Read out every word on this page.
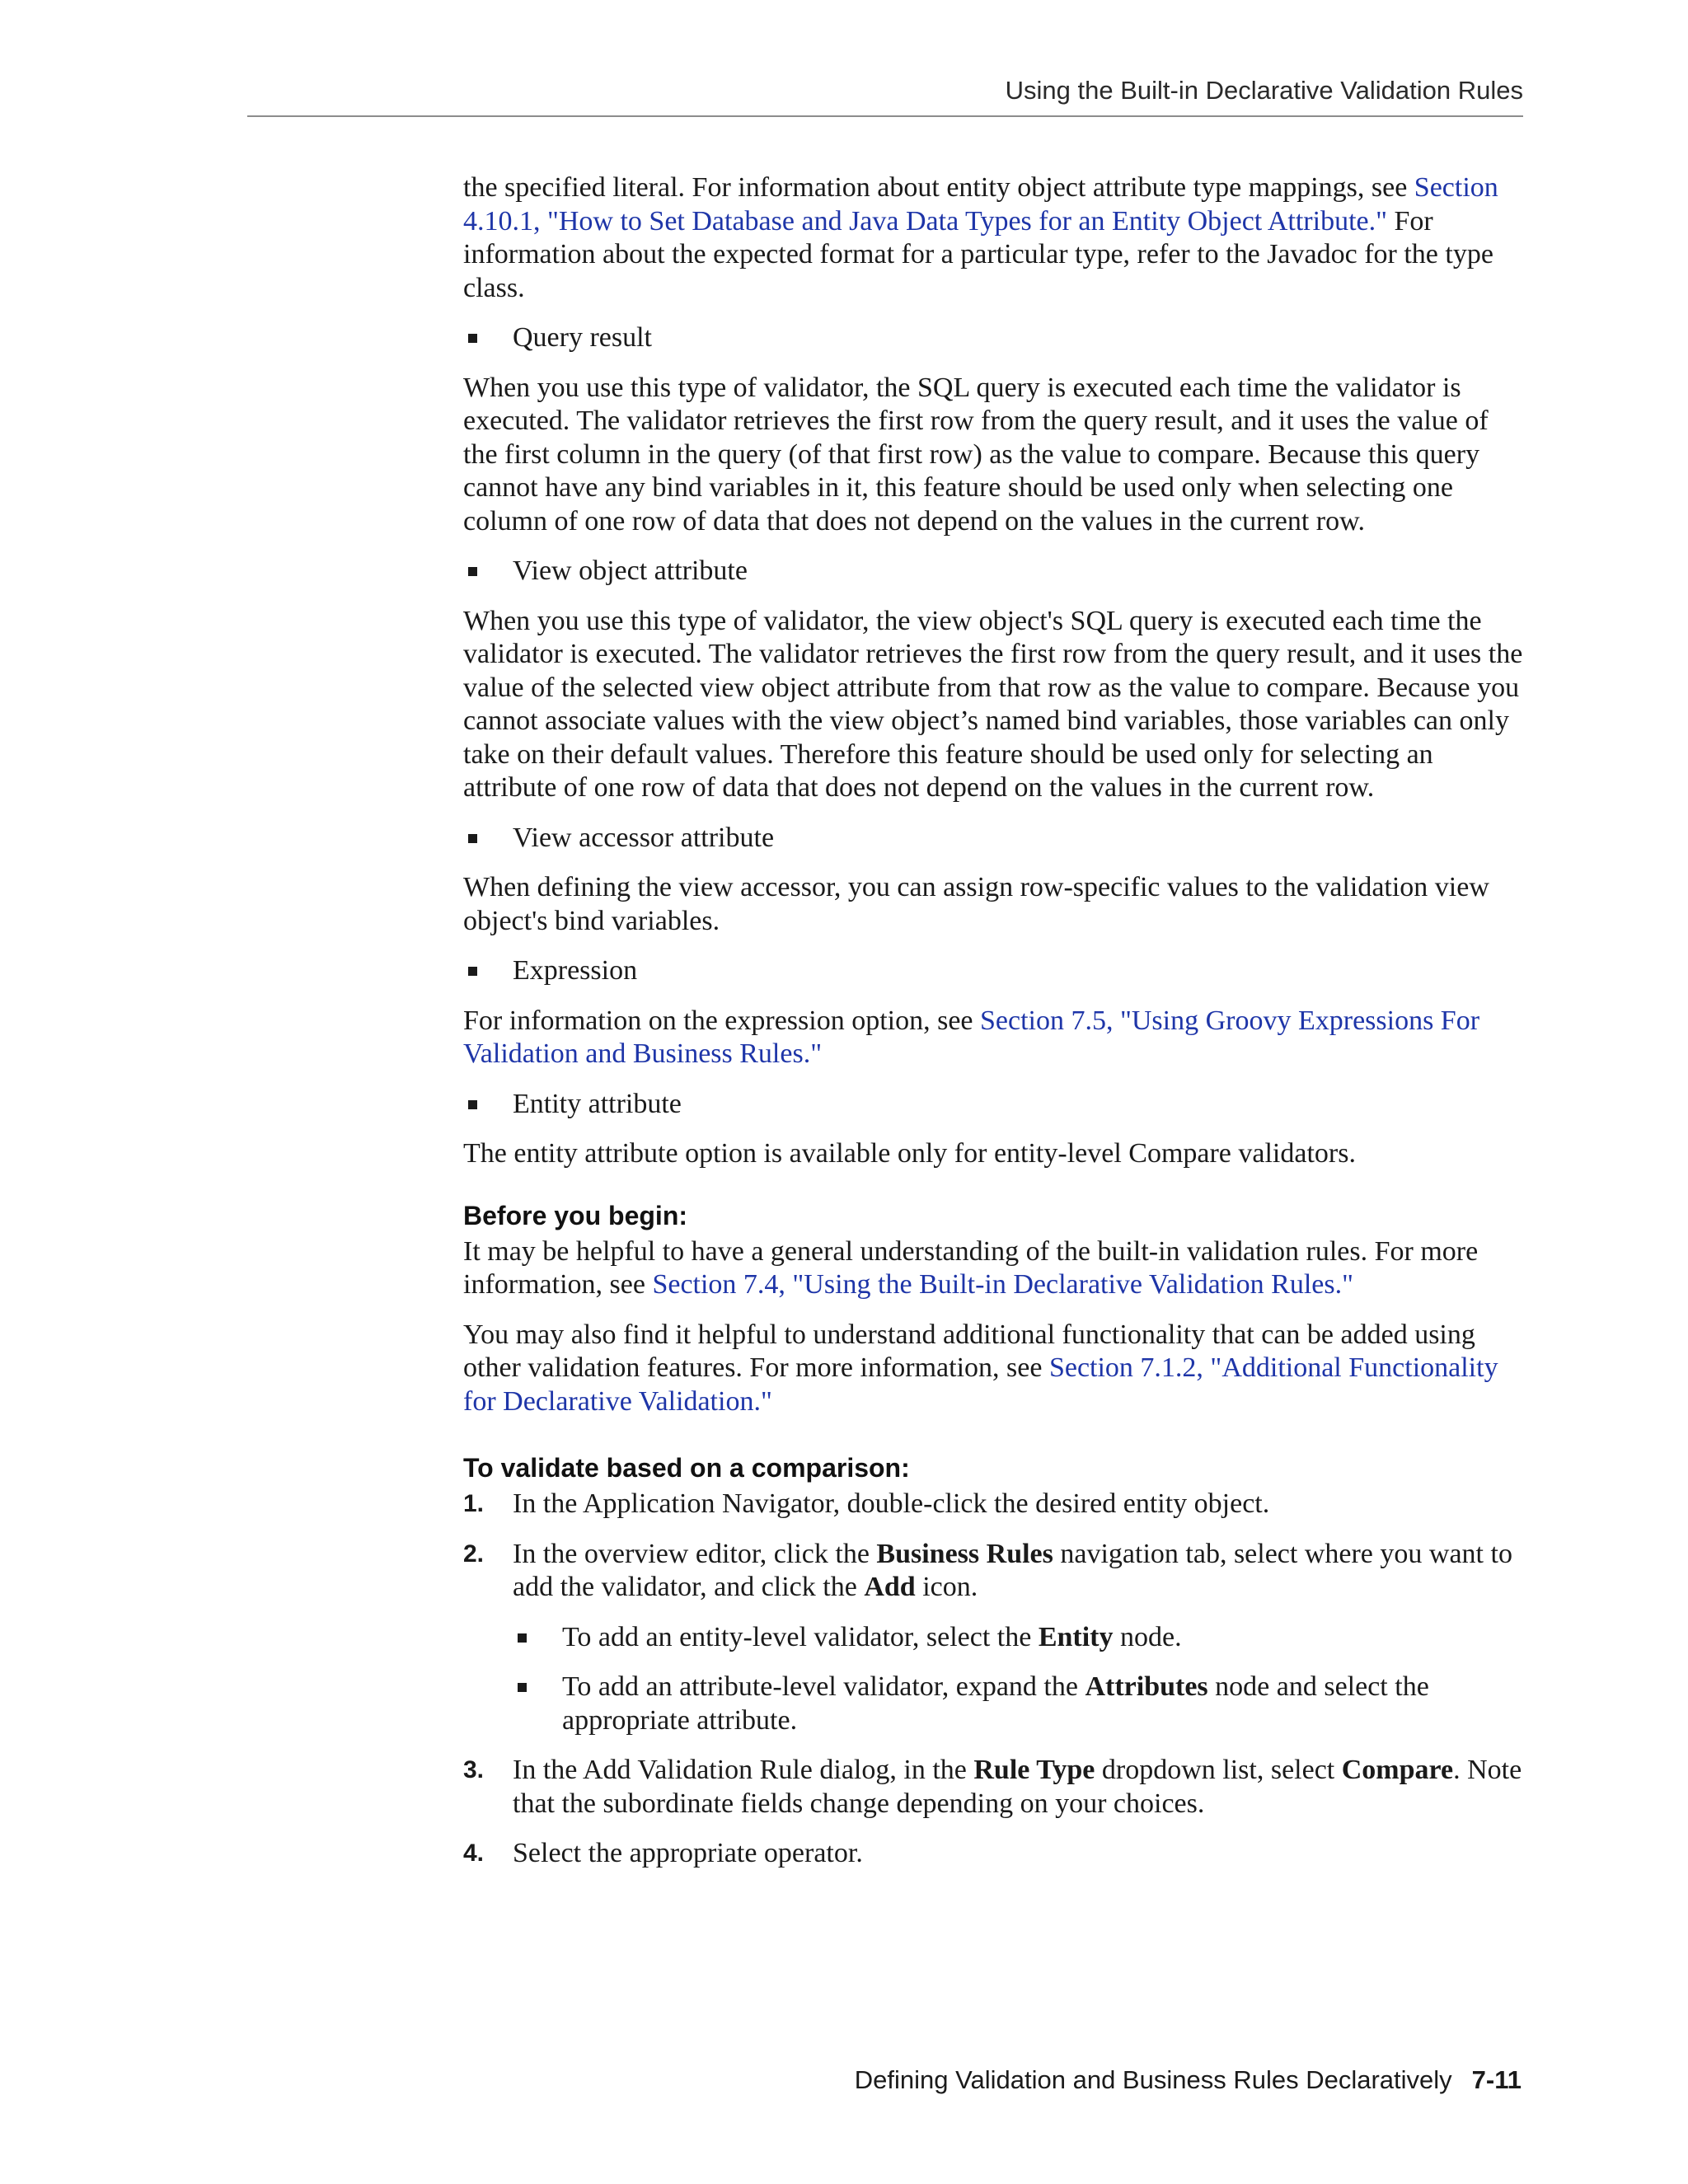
Using the Built-in Declarative Validation Rules

the specified literal. For information about entity object attribute type mappings, see Section 4.10.1, "How to Set Database and Java Data Types for an Entity Object Attribute." For information about the expected format for a particular type, refer to the Javadoc for the type class.

Query result

When you use this type of validator, the SQL query is executed each time the validator is executed. The validator retrieves the first row from the query result, and it uses the value of the first column in the query (of that first row) as the value to compare. Because this query cannot have any bind variables in it, this feature should be used only when selecting one column of one row of data that does not depend on the values in the current row.

View object attribute

When you use this type of validator, the view object's SQL query is executed each time the validator is executed. The validator retrieves the first row from the query result, and it uses the value of the selected view object attribute from that row as the value to compare. Because you cannot associate values with the view object’s named bind variables, those variables can only take on their default values. Therefore this feature should be used only for selecting an attribute of one row of data that does not depend on the values in the current row.

View accessor attribute

When defining the view accessor, you can assign row-specific values to the validation view object's bind variables.

Expression

For information on the expression option, see Section 7.5, "Using Groovy Expressions For Validation and Business Rules."

Entity attribute

The entity attribute option is available only for entity-level Compare validators.

Before you begin:

It may be helpful to have a general understanding of the built-in validation rules. For more information, see Section 7.4, "Using the Built-in Declarative Validation Rules."

You may also find it helpful to understand additional functionality that can be added using other validation features. For more information, see Section 7.1.2, "Additional Functionality for Declarative Validation."

To validate based on a comparison:
1. In the Application Navigator, double-click the desired entity object.
2. In the overview editor, click the Business Rules navigation tab, select where you want to add the validator, and click the Add icon.
To add an entity-level validator, select the Entity node.
To add an attribute-level validator, expand the Attributes node and select the appropriate attribute.
3. In the Add Validation Rule dialog, in the Rule Type dropdown list, select Compare. Note that the subordinate fields change depending on your choices.
4. Select the appropriate operator.
Defining Validation and Business Rules Declaratively 7-11
